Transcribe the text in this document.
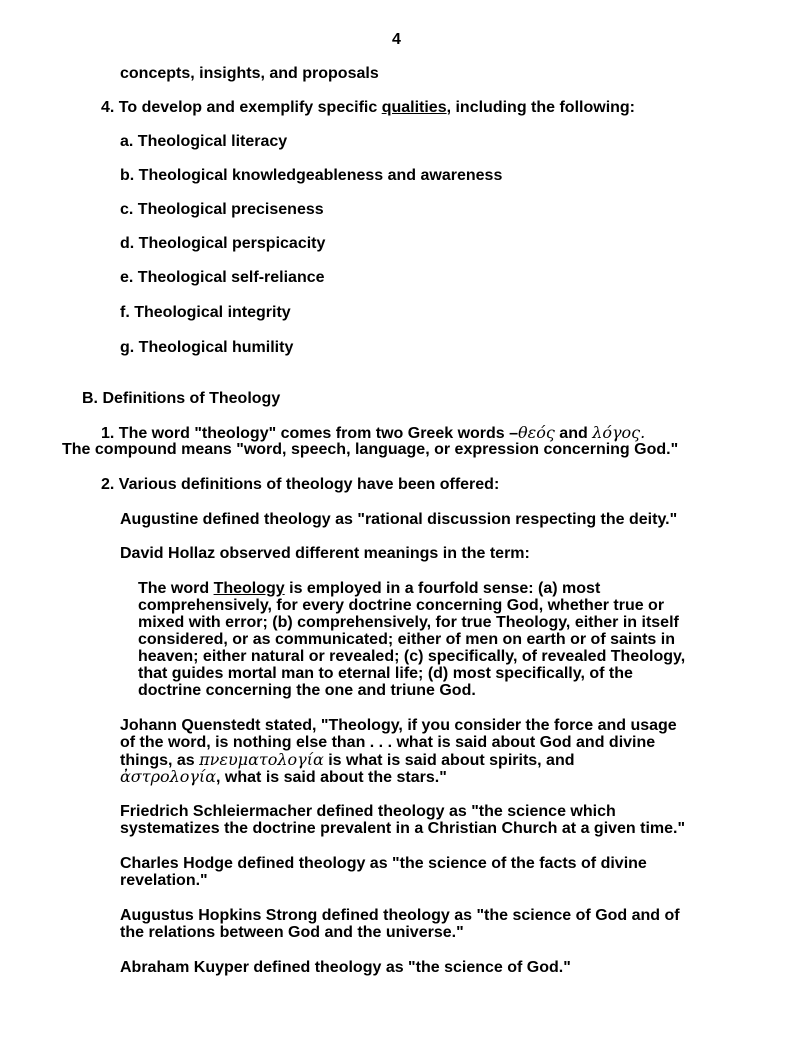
4

concepts, insights, and proposals

4. To develop and exemplify specific qualities, including the following:

a. Theological literacy

b. Theological knowledgeableness and awareness

c. Theological preciseness

d. Theological perspicacity

e. Theological self-reliance

f. Theological integrity

g. Theological humility

B. Definitions of Theology

1. The word "theology" comes from two Greek words –θεός and λόγος.

The compound means "word, speech, language, or expression concerning God."

2. Various definitions of theology have been offered:

Augustine defined theology as "rational discussion respecting the deity."

David Hollaz observed different meanings in the term:

The word Theology is employed in a fourfold sense: (a) most

comprehensively, for every doctrine concerning God, whether true or

mixed with error; (b) comprehensively, for true Theology, either in itself

considered, or as communicated; either of men on earth or of saints in

heaven; either natural or revealed; (c) specifically, of revealed Theology,

that guides mortal man to eternal life; (d) most specifically, of the

doctrine concerning the one and triune God.

Johann Quenstedt stated, "Theology, if you consider the force and usage

of the word, is nothing else than . . . what is said about God and divine

things, as πνευματολογία is what is said about spirits, and

ἀστρολογία, what is said about the stars."

Friedrich Schleiermacher defined theology as "the science which

systematizes the doctrine prevalent in a Christian Church at a given time."

Charles Hodge defined theology as "the science of the facts of divine

revelation."

Augustus Hopkins Strong defined theology as "the science of God and of

the relations between God and the universe."

Abraham Kuyper defined theology as "the science of God."
